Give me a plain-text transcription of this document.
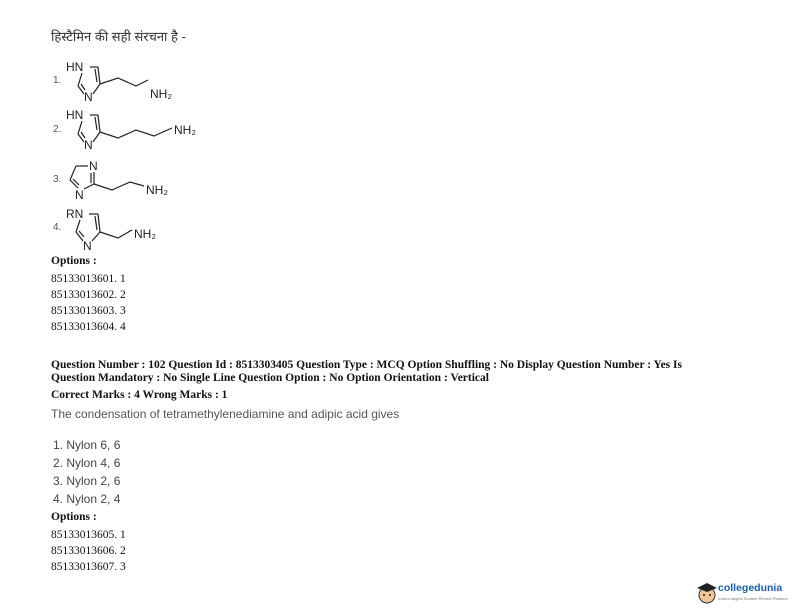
हिस्टैमिन की सही संरचना है -
1.
HN
N	NH₂
2.
HN
N
NH₂
3.
N
N	NH₂
4.
RN
N
NH₂
Options :
85133013601. 1
85133013602. 2
85133013603. 3
85133013604. 4
Question Number : 102 Question Id : 8513303405 Question Type : MCQ Option Shuffling : No Display Question Number : Yes Is
Question Mandatory : No Single Line Question Option : No Option Orientation : Vertical
Correct Marks : 4 Wrong Marks : 1
The condensation of tetramethylenediamine and adipic acid gives
1. Nylon 6, 6
2. Nylon 4, 6
3. Nylon 2, 6
4. Nylon 2, 4
Options :
85133013605. 1
85133013606. 2
85133013607. 3
collegedunia
India's largest Student Review Platform
